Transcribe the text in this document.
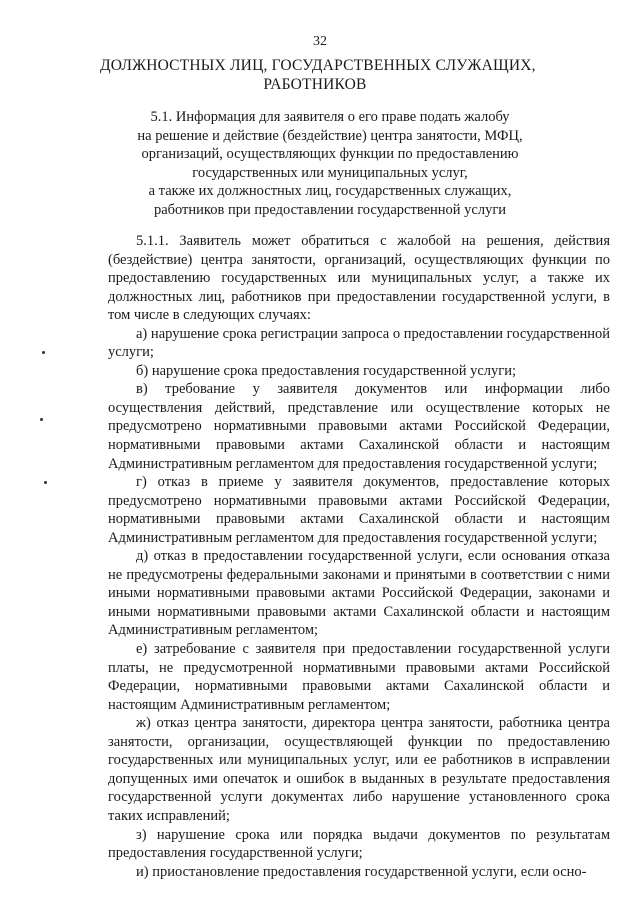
32
ДОЛЖНОСТНЫХ ЛИЦ, ГОСУДАРСТВЕННЫХ СЛУЖАЩИХ,
РАБОТНИКОВ
5.1. Информация для заявителя о его праве подать жалобу
на решение и действие (бездействие) центра занятости, МФЦ,
организаций, осуществляющих функции по предоставлению
государственных или муниципальных услуг,
а также их должностных лиц, государственных служащих,
работников при предоставлении государственной услуги

5.1.1. Заявитель может обратиться с жалобой на решения, действия (бездействие) центра занятости, организаций, осуществляющих функции по предоставлению государственных или муниципальных услуг, а также их должностных лиц, работников при предоставлении государственной услуги, в том числе в следующих случаях:

а) нарушение срока регистрации запроса о предоставлении государственной услуги;

б) нарушение срока предоставления государственной услуги;

в) требование у заявителя документов или информации либо осуществления действий, представление или осуществление которых не предусмотрено нормативными правовыми актами Российской Федерации, нормативными правовыми актами Сахалинской области и настоящим Административным регламентом для предоставления государственной услуги;

г) отказ в приеме у заявителя документов, предоставление которых предусмотрено нормативными правовыми актами Российской Федерации, нормативными правовыми актами Сахалинской области и настоящим Административным регламентом для предоставления государственной услуги;

д) отказ в предоставлении государственной услуги, если основания отказа не предусмотрены федеральными законами и принятыми в соответствии с ними иными нормативными правовыми актами Российской Федерации, законами и иными нормативными правовыми актами Сахалинской области и настоящим Административным регламентом;

е) затребование с заявителя при предоставлении государственной услуги платы, не предусмотренной нормативными правовыми актами Российской Федерации, нормативными правовыми актами Сахалинской области и настоящим Административным регламентом;

ж) отказ центра занятости, директора центра занятости, работника центра занятости, организации, осуществляющей функции по предоставлению государственных или муниципальных услуг, или ее работников в исправлении допущенных ими опечаток и ошибок в выданных в результате предоставления государственной услуги документах либо нарушение установленного срока таких исправлений;

з) нарушение срока или порядка выдачи документов по результатам предоставления государственной услуги;

и) приостановление предоставления государственной услуги, если осно-
